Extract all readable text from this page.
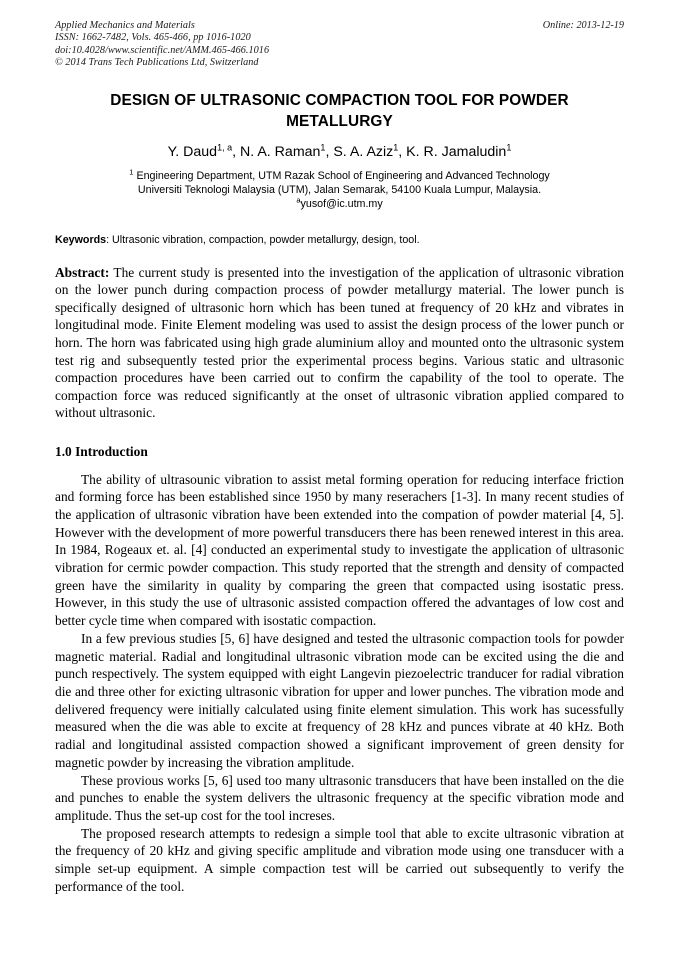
Applied Mechanics and Materials
ISSN: 1662-7482, Vols. 465-466, pp 1016-1020
doi:10.4028/www.scientific.net/AMM.465-466.1016
© 2014 Trans Tech Publications Ltd, Switzerland
Online: 2013-12-19
DESIGN OF ULTRASONIC COMPACTION TOOL FOR POWDER METALLURGY
Y. Daud$^{1, a}$, N. A. Raman$^1$, S. A. Aziz$^1$, K. R. Jamaludin$^1$
$^1$ Engineering Department, UTM Razak School of Engineering and Advanced Technology
Universiti Teknologi Malaysia (UTM), Jalan Semarak, 54100 Kuala Lumpur, Malaysia.
$^a$yusof@ic.utm.my
Keywords: Ultrasonic vibration, compaction, powder metallurgy, design, tool.
Abstract: The current study is presented into the investigation of the application of ultrasonic vibration on the lower punch during compaction process of powder metallurgy material. The lower punch is specifically designed of ultrasonic horn which has been tuned at frequency of 20 kHz and vibrates in longitudinal mode. Finite Element modeling was used to assist the design process of the lower punch or horn. The horn was fabricated using high grade aluminium alloy and mounted onto the ultrasonic system test rig and subsequently tested prior the experimental process begins. Various static and ultrasonic compaction procedures have been carried out to confirm the capability of the tool to operate. The compaction force was reduced significantly at the onset of ultrasonic vibration applied compared to without ultrasonic.
1.0 Introduction

The ability of ultrasounic vibration to assist metal forming operation for reducing interface friction and forming force has been established since 1950 by many reserachers [1-3]. In many recent studies of the application of ultrasonic vibration have been extended into the compation of powder material [4, 5]. However with the development of more powerful transducers there has been renewed interest in this area. In 1984, Rogeaux et. al. [4] conducted an experimental study to investigate the application of ultrasonic vibration for cermic powder compaction. This study reported that the strength and density of compacted green have the similarity in quality by comparing the green that compacted using isostatic press. However, in this study the use of ultrasonic assisted compaction offered the advantages of low cost and better cycle time when compared with isostatic compaction.

In a few previous studies [5, 6] have designed and tested the ultrasonic compaction tools for powder magnetic material. Radial and longitudinal ultrasonic vibration mode can be excited using the die and punch respectively. The system equipped with eight Langevin piezoelectric tranducer for radial vibration die and three other for exicting ultrasonic vibration for upper and lower punches. The vibration mode and delivered frequency were initially calculated using finite element simulation. This work has sucessfully measured when the die was able to excite at frequency of 28 kHz and punces vibrate at 40 kHz. Both radial and longitudinal assisted compaction showed a significant improvement of green density for magnetic powder by increasing the vibration amplitude.

These provious works [5, 6] used too many ultrasonic transducers that have been installed on the die and punches to enable the system delivers the ultrasonic frequency at the specific vibration mode and amplitude. Thus the set-up cost for the tool increses.

The proposed research attempts to redesign a simple tool that able to excite ultrasonic vibration at the frequency of 20 kHz and giving specific amplitude and vibration mode using one transducer with a simple set-up equipment. A simple compaction test will be carried out subsequently to verify the performance of the tool.
